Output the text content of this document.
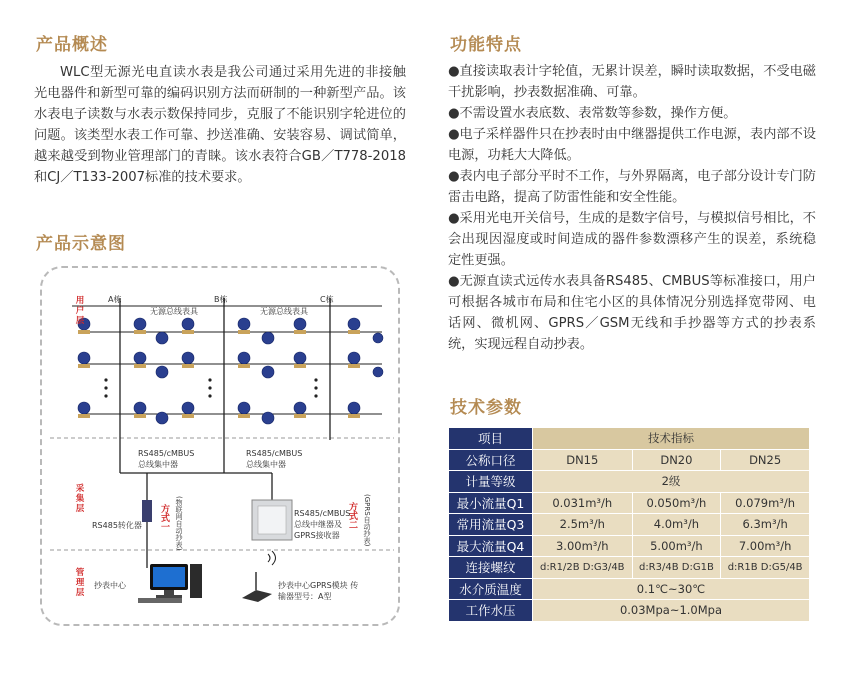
产品概述
WLC型无源光电直读水表是我公司通过采用先进的非接触光电器件和新型可靠的编码识别方法而研制的一种新型产品。该水表电子读数与水表示数保持同步，克服了不能识别字轮进位的问题。该类型水表工作可靠、抄送准确、安装容易、调试简单，越来越受到物业管理部门的青睐。该水表符合GB／T778-2018和CJ／T133-2007标准的技术要求。
产品示意图
用户层
采集层
管理层
A栋	B栋	C栋
无源总线表具	无源总线表具
RS485/cMBUS 总线集中器
RS485/cMBUS 总线集中器
RS485转化器 方式一 (物联网自动抄表)	方式二 (GPRS自动抄表)
RS485/cMBUS 总线中继器及 GPRS接收器
抄表中心	抄表中心GPRS模块 传输器型号：A型
功能特点
●直接读取表计字轮值，无累计误差，瞬时读取数据，不受电磁干扰影响，抄表数据准确、可靠。
●不需设置水表底数、表常数等参数，操作方便。
●电子采样器件只在抄表时由中继器提供工作电源，表内部不设电源，功耗大大降低。
●表内电子部分平时不工作，与外界隔离，电子部分设计专门防雷击电路，提高了防雷性能和安全性能。
●采用光电开关信号，生成的是数字信号，与模拟信号相比，不会出现因湿度或时间造成的器件参数漂移产生的误差，系统稳定性更强。
●无源直读式远传水表具备RS485、CMBUS等标准接口，用户可根据各城市布局和住宅小区的具体情况分别选择宽带网、电话网、微机网、GPRS／GSM无线和手抄器等方式的抄表系统，实现远程自动抄表。
技术参数
项目	技术指标		
公称口径	DN15	DN20	DN25
计量等级	2级		
最小流量Q1	0.031m³/h	0.050m³/h	0.079m³/h
常用流量Q3	2.5m³/h	4.0m³/h	6.3m³/h
最大流量Q4	3.00m³/h	5.00m³/h	7.00m³/h
连接螺纹	d:R1/2B D:G3/4B	d:R3/4B D:G1B	d:R1B D:G5/4B
水介质温度	0.1℃~30℃		
工作水压	0.03Mpa~1.0Mpa		
